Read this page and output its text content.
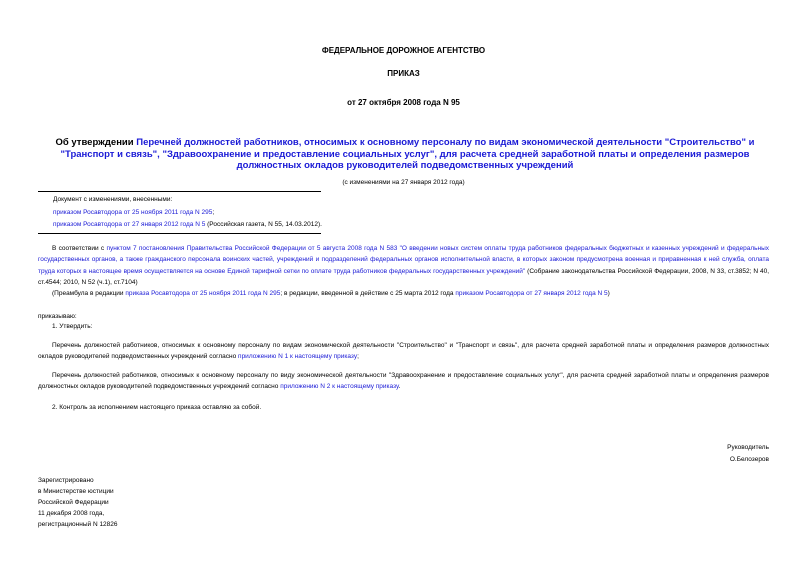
ФЕДЕРАЛЬНОЕ ДОРОЖНОЕ АГЕНТСТВО
ПРИКАЗ
от 27 октября 2008 года N 95
Об утверждении Перечней должностей работников, относимых к основному персоналу по видам экономической деятельности "Строительство" и "Транспорт и связь", "Здравоохранение и предоставление социальных услуг", для расчета средней заработной платы и определения размеров должностных окладов руководителей подведомственных учреждений
(с изменениями на 27 января 2012 года)
Документ с изменениями, внесенными:
приказом Росавтодора от 25 ноября 2011 года N 295;
приказом Росавтодора от 27 января 2012 года N 5 (Российская газета, N 55, 14.03.2012).
В соответствии с пунктом 7 постановления Правительства Российской Федерации от 5 августа 2008 года N 583 "О введении новых систем оплаты труда работников федеральных бюджетных и казенных учреждений и федеральных государственных органов, а также гражданского персонала воинских частей, учреждений и подразделений федеральных органов исполнительной власти, в которых законом предусмотрена военная и приравненная к ней служба, оплата труда которых в настоящее время осуществляется на основе Единой тарифной сетки по оплате труда работников федеральных государственных учреждений" (Собрание законодательства Российской Федерации, 2008, N 33, ст.3852; N 40, ст.4544; 2010, N 52 (ч.1), ст.7104)
(Преамбула в редакции приказа Росавтодора от 25 ноября 2011 года N 295; в редакции, введенной в действие с 25 марта 2012 года приказом Росавтодора от 27 января 2012 года N 5)
приказываю:
1. Утвердить:
Перечень должностей работников, относимых к основному персоналу по видам экономической деятельности "Строительство" и "Транспорт и связь", для расчета средней заработной платы и определения размеров должностных окладов руководителей подведомственных учреждений согласно приложению N 1 к настоящему приказу;
Перечень должностей работников, относимых к основному персоналу по виду экономической деятельности "Здравоохранение и предоставление социальных услуг", для расчета средней заработной платы и определения размеров должностных окладов руководителей подведомственных учреждений согласно приложению N 2 к настоящему приказу.
2. Контроль за исполнением настоящего приказа оставляю за собой.
Руководитель
О.Белозеров
Зарегистрировано
в Министерстве юстиции
Российской Федерации
11 декабря 2008 года,
регистрационный N 12826
